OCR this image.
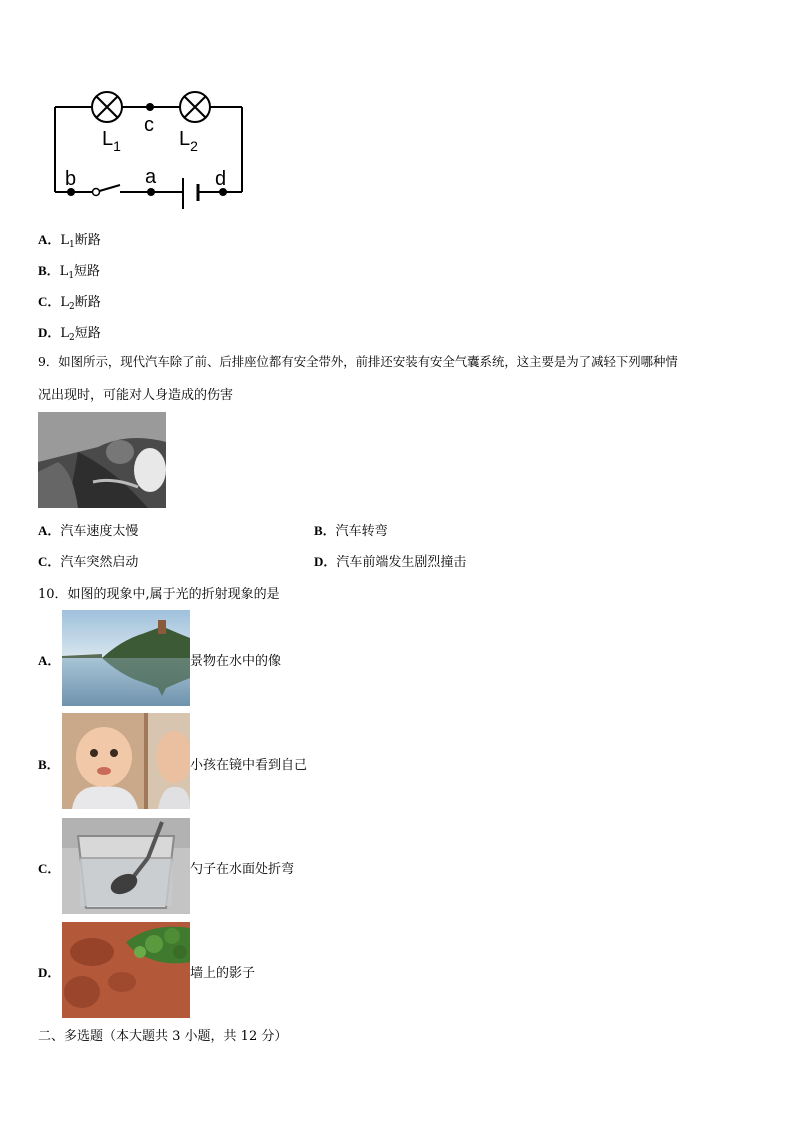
$L_1$
c
$L_2$
b	a	d
A．$L_1$断路
B．$L_1$短路
C．$L_2$断路
D．$L_2$短路
9．如图所示，现代汽车除了前、后排座位都有安全带外，前排还安装有安全气囊系统，这主要是为了减轻下列哪种情
况出现时，可能对人身造成的伤害
A．汽车速度太慢	B．汽车转弯
C．汽车突然启动	D．汽车前端发生剧烈撞击
10．如图的现象中,属于光的折射现象的是
A．	景物在水中的像
B．	小孩在镜中看到自己
C．	勺子在水面处折弯
D．	墙上的影子
二、多选题（本大题共 3 小题，共 12 分）
